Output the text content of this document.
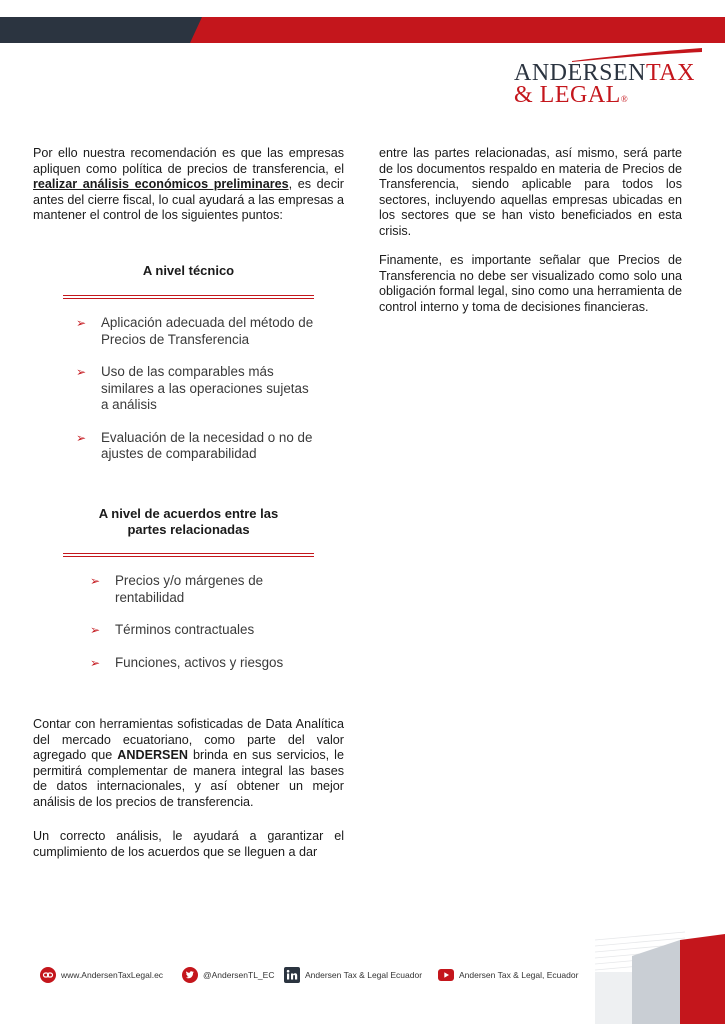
ANDERSENTAX
& LEGAL®

Por ello nuestra recomendación es que las empresas apliquen como política de precios de transferencia, el realizar análisis económicos preliminares, es decir antes del cierre fiscal, lo cual ayudará a las empresas a mantener el control de los siguientes puntos:

A nivel técnico
➢ Aplicación adecuada del método de Precios de Transferencia
➢ Uso de las comparables más similares a las operaciones sujetas a análisis
➢ Evaluación de la necesidad o no de ajustes de comparabilidad
A nivel de acuerdos entre las
partes relacionadas
➢ Precios y/o márgenes de rentabilidad
➢ Términos contractuales
➢ Funciones, activos y riesgos

Contar con herramientas sofisticadas de Data Analítica del mercado ecuatoriano, como parte del valor agregado que ANDERSEN brinda en sus servicios, le permitirá complementar de manera integral las bases de datos internacionales, y así obtener un mejor análisis de los precios de transferencia.

Un correcto análisis, le ayudará a garantizar el cumplimiento de los acuerdos que se lleguen a dar

entre las partes relacionadas, así mismo, será parte de los documentos respaldo en materia de Precios de Transferencia, siendo aplicable para todos los sectores, incluyendo aquellas empresas ubicadas en los sectores que se han visto beneficiados en esta crisis.

Finamente, es importante señalar que Precios de Transferencia no debe ser visualizado como solo una obligación formal legal, sino como una herramienta de control interno y toma de decisiones financieras.

www.AndersenTaxLegal.ec	@AndersenTL_EC	Andersen Tax & Legal Ecuador	Andersen Tax & Legal, Ecuador
